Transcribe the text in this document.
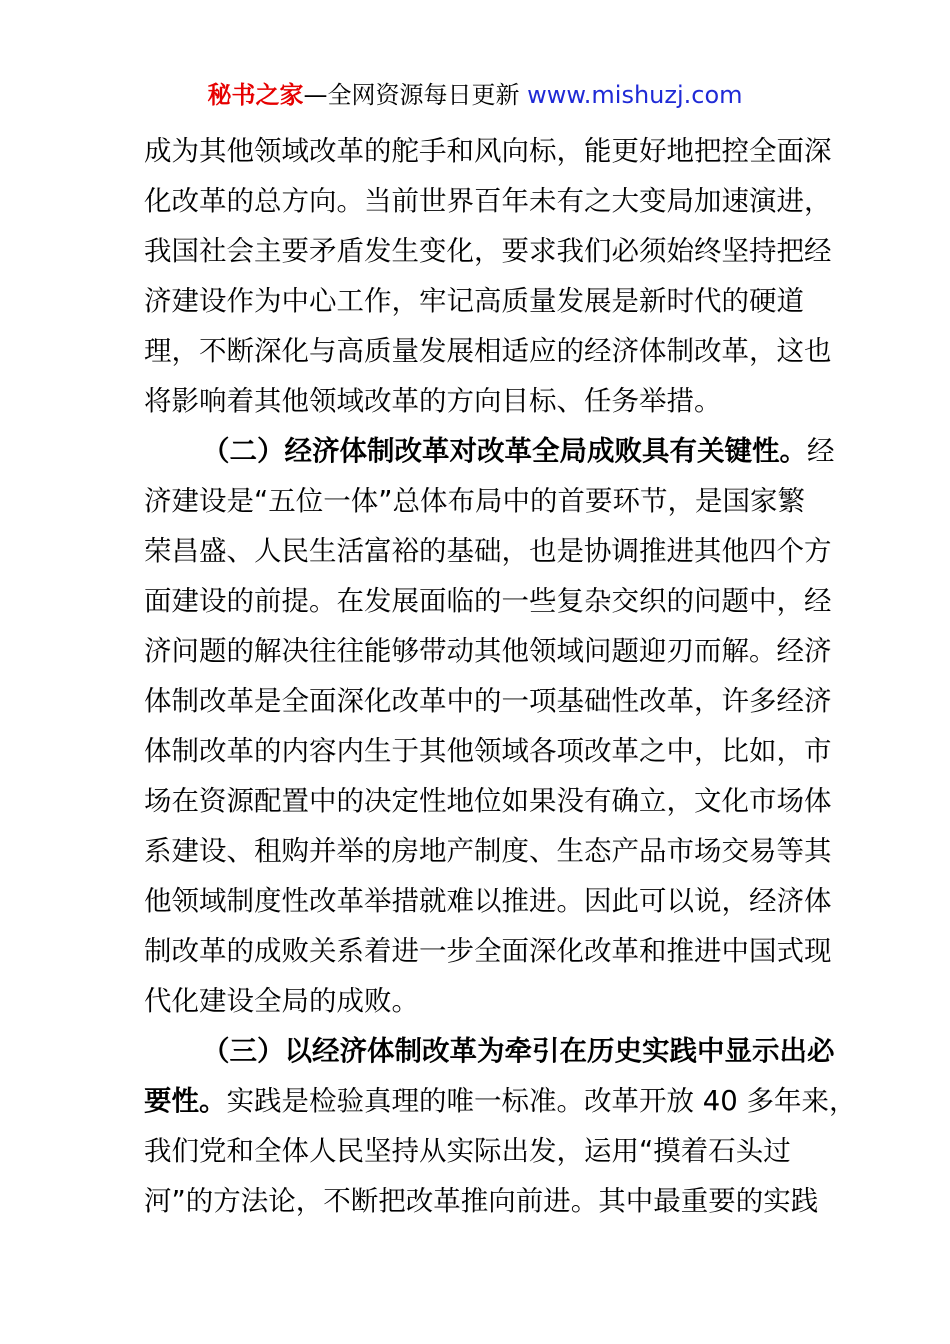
秘书之家—全网资源每日更新 www.mishuzj.com
成为其他领域改革的舵手和风向标，能更好地把控全面深
化改革的总方向。当前世界百年未有之大变局加速演进，
我国社会主要矛盾发生变化，要求我们必须始终坚持把经
济建设作为中心工作，牢记高质量发展是新时代的硬道
理，不断深化与高质量发展相适应的经济体制改革，这也
将影响着其他领域改革的方向目标、任务举措。
（二）经济体制改革对改革全局成败具有关键性。经
济建设是“五位一体”总体布局中的首要环节，是国家繁
荣昌盛、人民生活富裕的基础，也是协调推进其他四个方
面建设的前提。在发展面临的一些复杂交织的问题中，经
济问题的解决往往能够带动其他领域问题迎刃而解。经济
体制改革是全面深化改革中的一项基础性改革，许多经济
体制改革的内容内生于其他领域各项改革之中，比如，市
场在资源配置中的决定性地位如果没有确立，文化市场体
系建设、租购并举的房地产制度、生态产品市场交易等其
他领域制度性改革举措就难以推进。因此可以说，经济体
制改革的成败关系着进一步全面深化改革和推进中国式现
代化建设全局的成败。
（三）以经济体制改革为牵引在历史实践中显示出必
要性。实践是检验真理的唯一标准。改革开放 40 多年来，
我们党和全体人民坚持从实际出发，运用“摸着石头过
河”的方法论，不断把改革推向前进。其中最重要的实践
